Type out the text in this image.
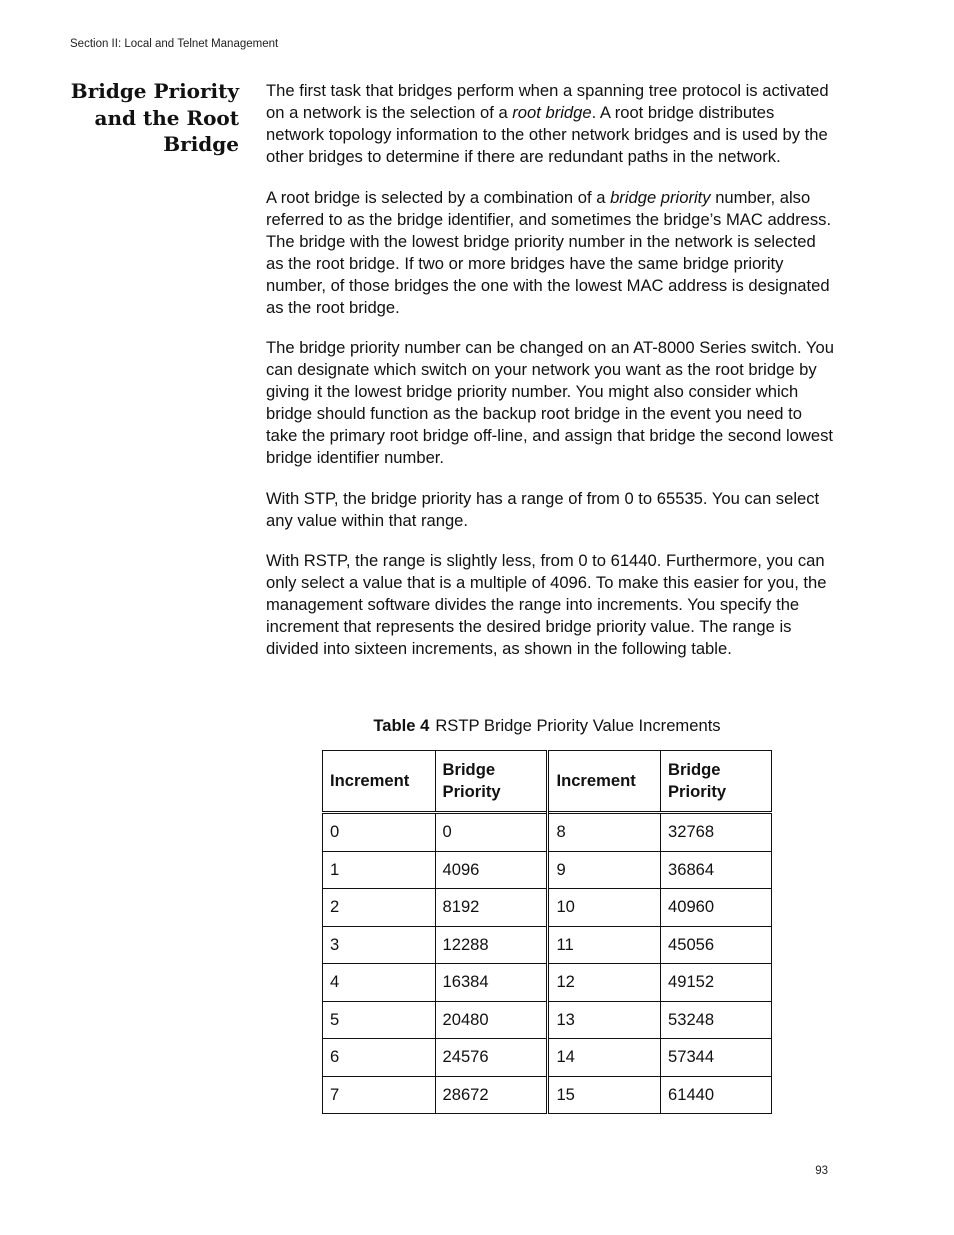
Section II: Local and Telnet Management
Bridge Priority
and the Root
Bridge

The first task that bridges perform when a spanning tree protocol is activated on a network is the selection of a root bridge. A root bridge distributes network topology information to the other network bridges and is used by the other bridges to determine if there are redundant paths in the network.

A root bridge is selected by a combination of a bridge priority number, also referred to as the bridge identifier, and sometimes the bridge’s MAC address. The bridge with the lowest bridge priority number in the network is selected as the root bridge. If two or more bridges have the same bridge priority number, of those bridges the one with the lowest MAC address is designated as the root bridge.

The bridge priority number can be changed on an AT-8000 Series switch. You can designate which switch on your network you want as the root bridge by giving it the lowest bridge priority number. You might also consider which bridge should function as the backup root bridge in the event you need to take the primary root bridge off-line, and assign that bridge the second lowest bridge identifier number.

With STP, the bridge priority has a range of from 0 to 65535. You can select any value within that range.

With RSTP, the range is slightly less, from 0 to 61440. Furthermore, you can only select a value that is a multiple of 4096. To make this easier for you, the management software divides the range into increments. You specify the increment that represents the desired bridge priority value. The range is divided into sixteen increments, as shown in the following table.

Table 4 RSTP Bridge Priority Value Increments
Increment	Bridge Priority	Increment	Bridge Priority
0	0	8	32768
1	4096	9	36864
2	8192	10	40960
3	12288	11	45056
4	16384	12	49152
5	20480	13	53248
6	24576	14	57344
7	28672	15	61440
93
